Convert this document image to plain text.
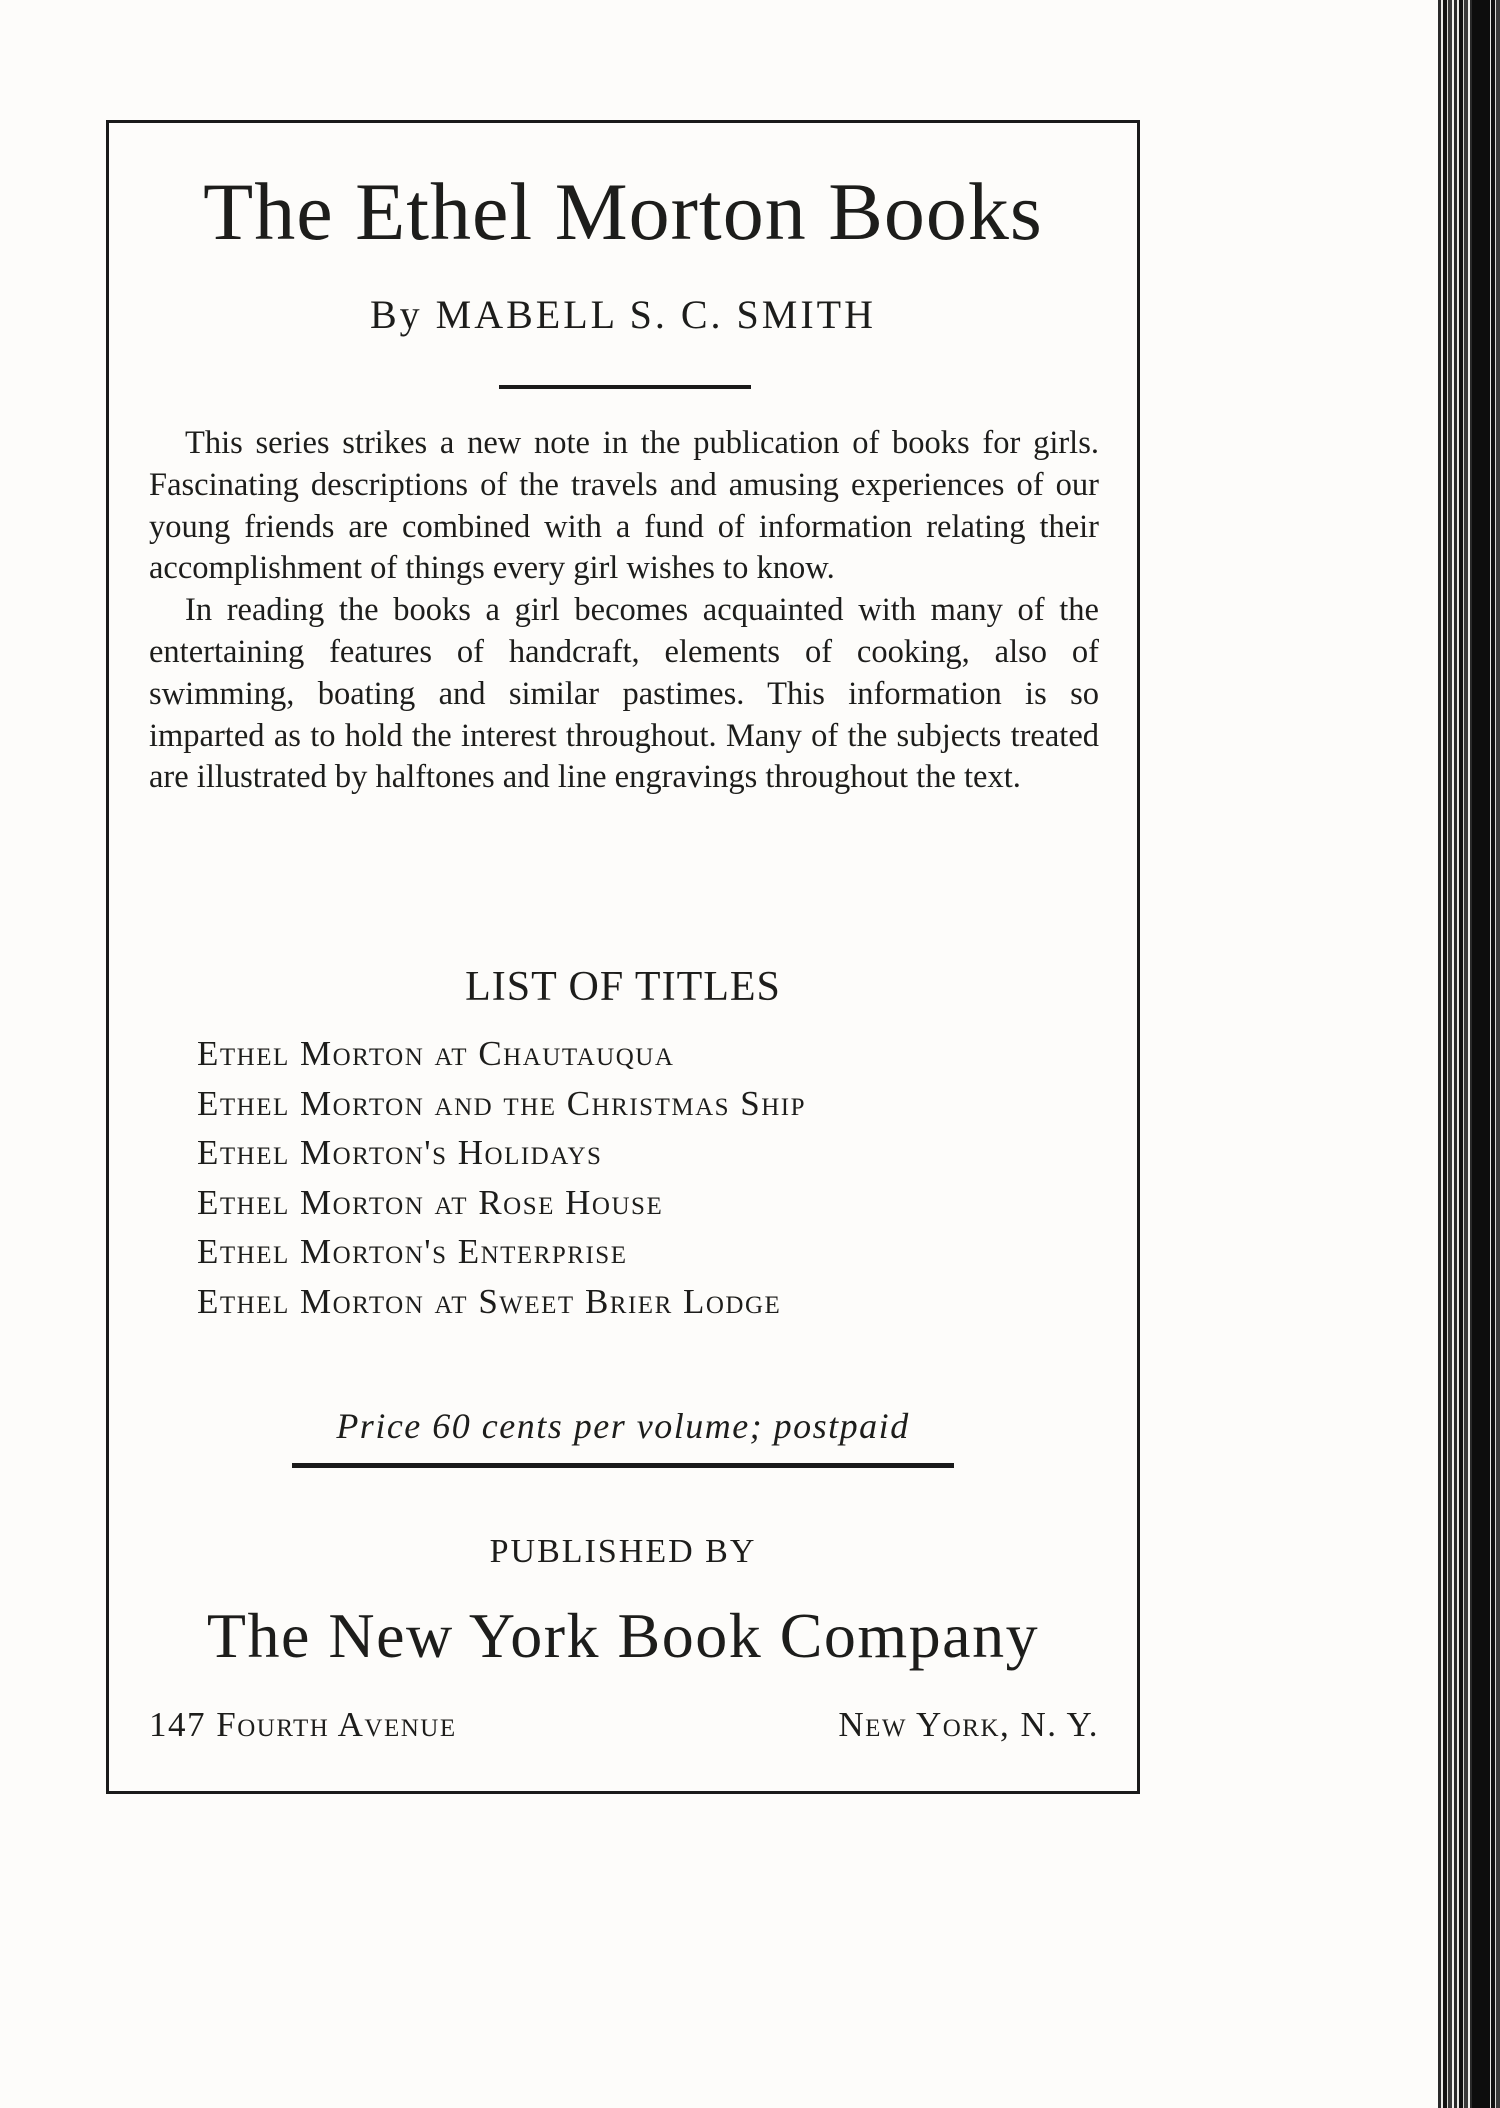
The Ethel Morton Books
By MABELL S. C. SMITH

This series strikes a new note in the publication of books for girls. Fascinating descriptions of the travels and amusing experiences of our young friends are combined with a fund of information relating their accomplishment of things every girl wishes to know.

In reading the books a girl becomes acquainted with many of the entertaining features of handcraft, elements of cooking, also of swimming, boating and similar pastimes. This information is so imparted as to hold the interest throughout. Many of the subjects treated are illustrated by halftones and line engravings throughout the text.

LIST OF TITLES
Ethel Morton at Chautauqua
Ethel Morton and the Christmas Ship
Ethel Morton's Holidays
Ethel Morton at Rose House
Ethel Morton's Enterprise
Ethel Morton at Sweet Brier Lodge
Price 60 cents per volume; postpaid
PUBLISHED BY
The New York Book Company
147 Fourth Avenue	New York, N. Y.
